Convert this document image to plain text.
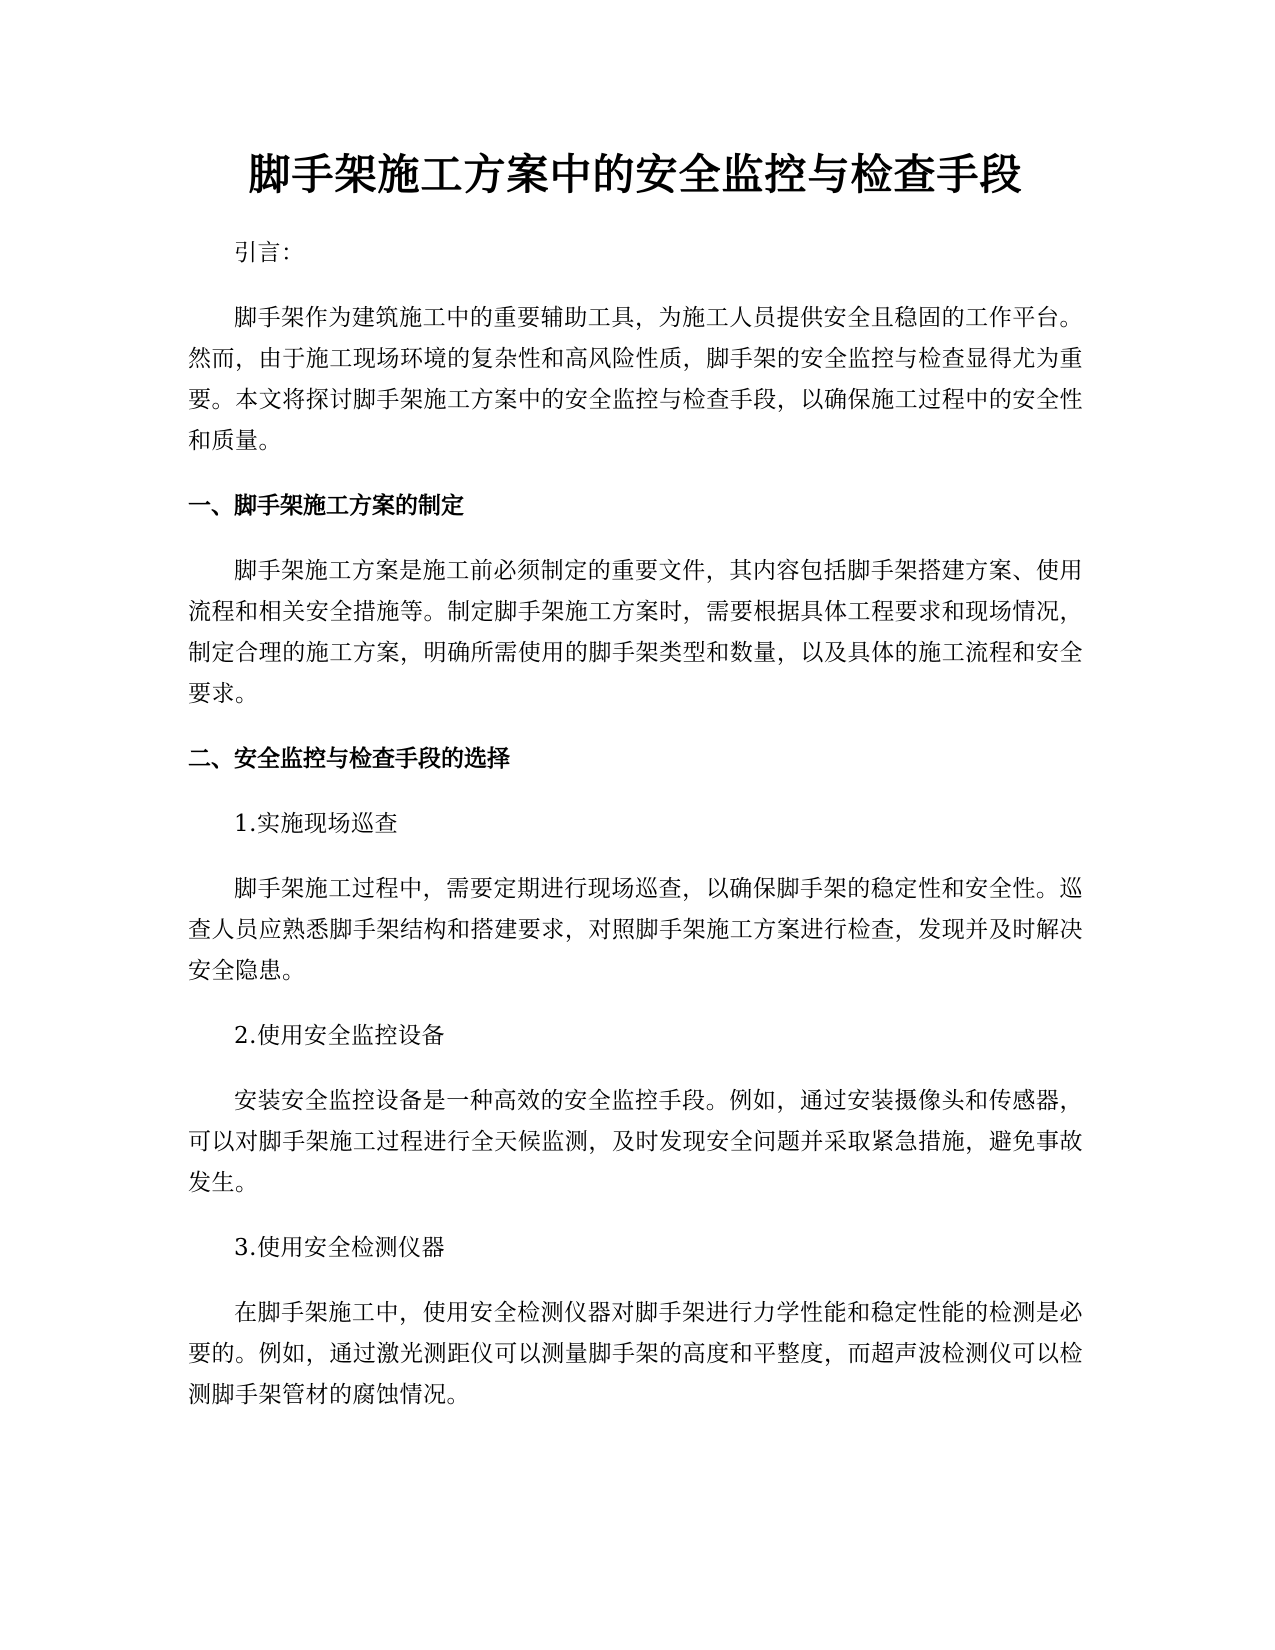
脚手架施工方案中的安全监控与检查手段

引言：

脚手架作为建筑施工中的重要辅助工具，为施工人员提供安全且稳固的工作平台。然而，由于施工现场环境的复杂性和高风险性质，脚手架的安全监控与检查显得尤为重要。本文将探讨脚手架施工方案中的安全监控与检查手段，以确保施工过程中的安全性和质量。

一、脚手架施工方案的制定

脚手架施工方案是施工前必须制定的重要文件，其内容包括脚手架搭建方案、使用流程和相关安全措施等。制定脚手架施工方案时，需要根据具体工程要求和现场情况，制定合理的施工方案，明确所需使用的脚手架类型和数量，以及具体的施工流程和安全要求。

二、安全监控与检查手段的选择

1.实施现场巡查

脚手架施工过程中，需要定期进行现场巡查，以确保脚手架的稳定性和安全性。巡查人员应熟悉脚手架结构和搭建要求，对照脚手架施工方案进行检查，发现并及时解决安全隐患。

2.使用安全监控设备

安装安全监控设备是一种高效的安全监控手段。例如，通过安装摄像头和传感器，可以对脚手架施工过程进行全天候监测，及时发现安全问题并采取紧急措施，避免事故发生。

3.使用安全检测仪器

在脚手架施工中，使用安全检测仪器对脚手架进行力学性能和稳定性能的检测是必要的。例如，通过激光测距仪可以测量脚手架的高度和平整度，而超声波检测仪可以检测脚手架管材的腐蚀情况。
